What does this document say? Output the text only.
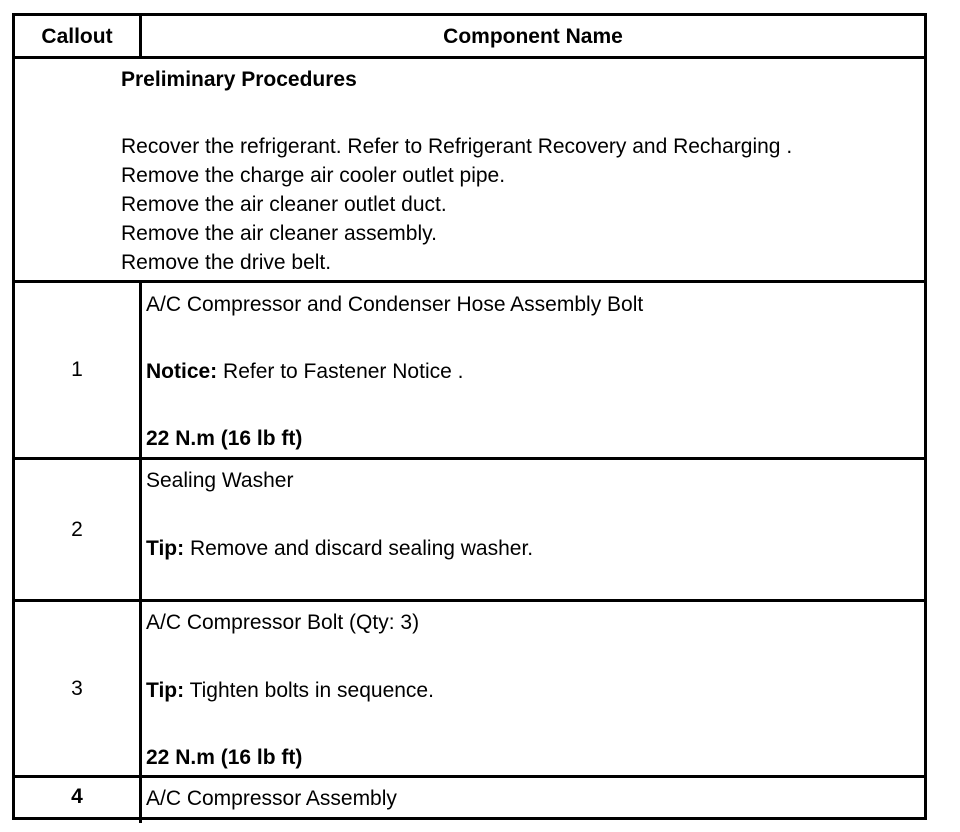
Callout	Component Name
Preliminary Procedures
Recover the refrigerant. Refer to Refrigerant Recovery and Recharging .
Remove the charge air cooler outlet pipe.
Remove the air cleaner outlet duct.
Remove the air cleaner assembly.
Remove the drive belt.
1
A/C Compressor and Condenser Hose Assembly Bolt
Notice: Refer to Fastener Notice .
22 N.m (16 lb ft)
2
Sealing Washer
Tip: Remove and discard sealing washer.
3
A/C Compressor Bolt (Qty: 3)
Tip: Tighten bolts in sequence.
22 N.m (16 lb ft)
4	A/C Compressor Assembly
